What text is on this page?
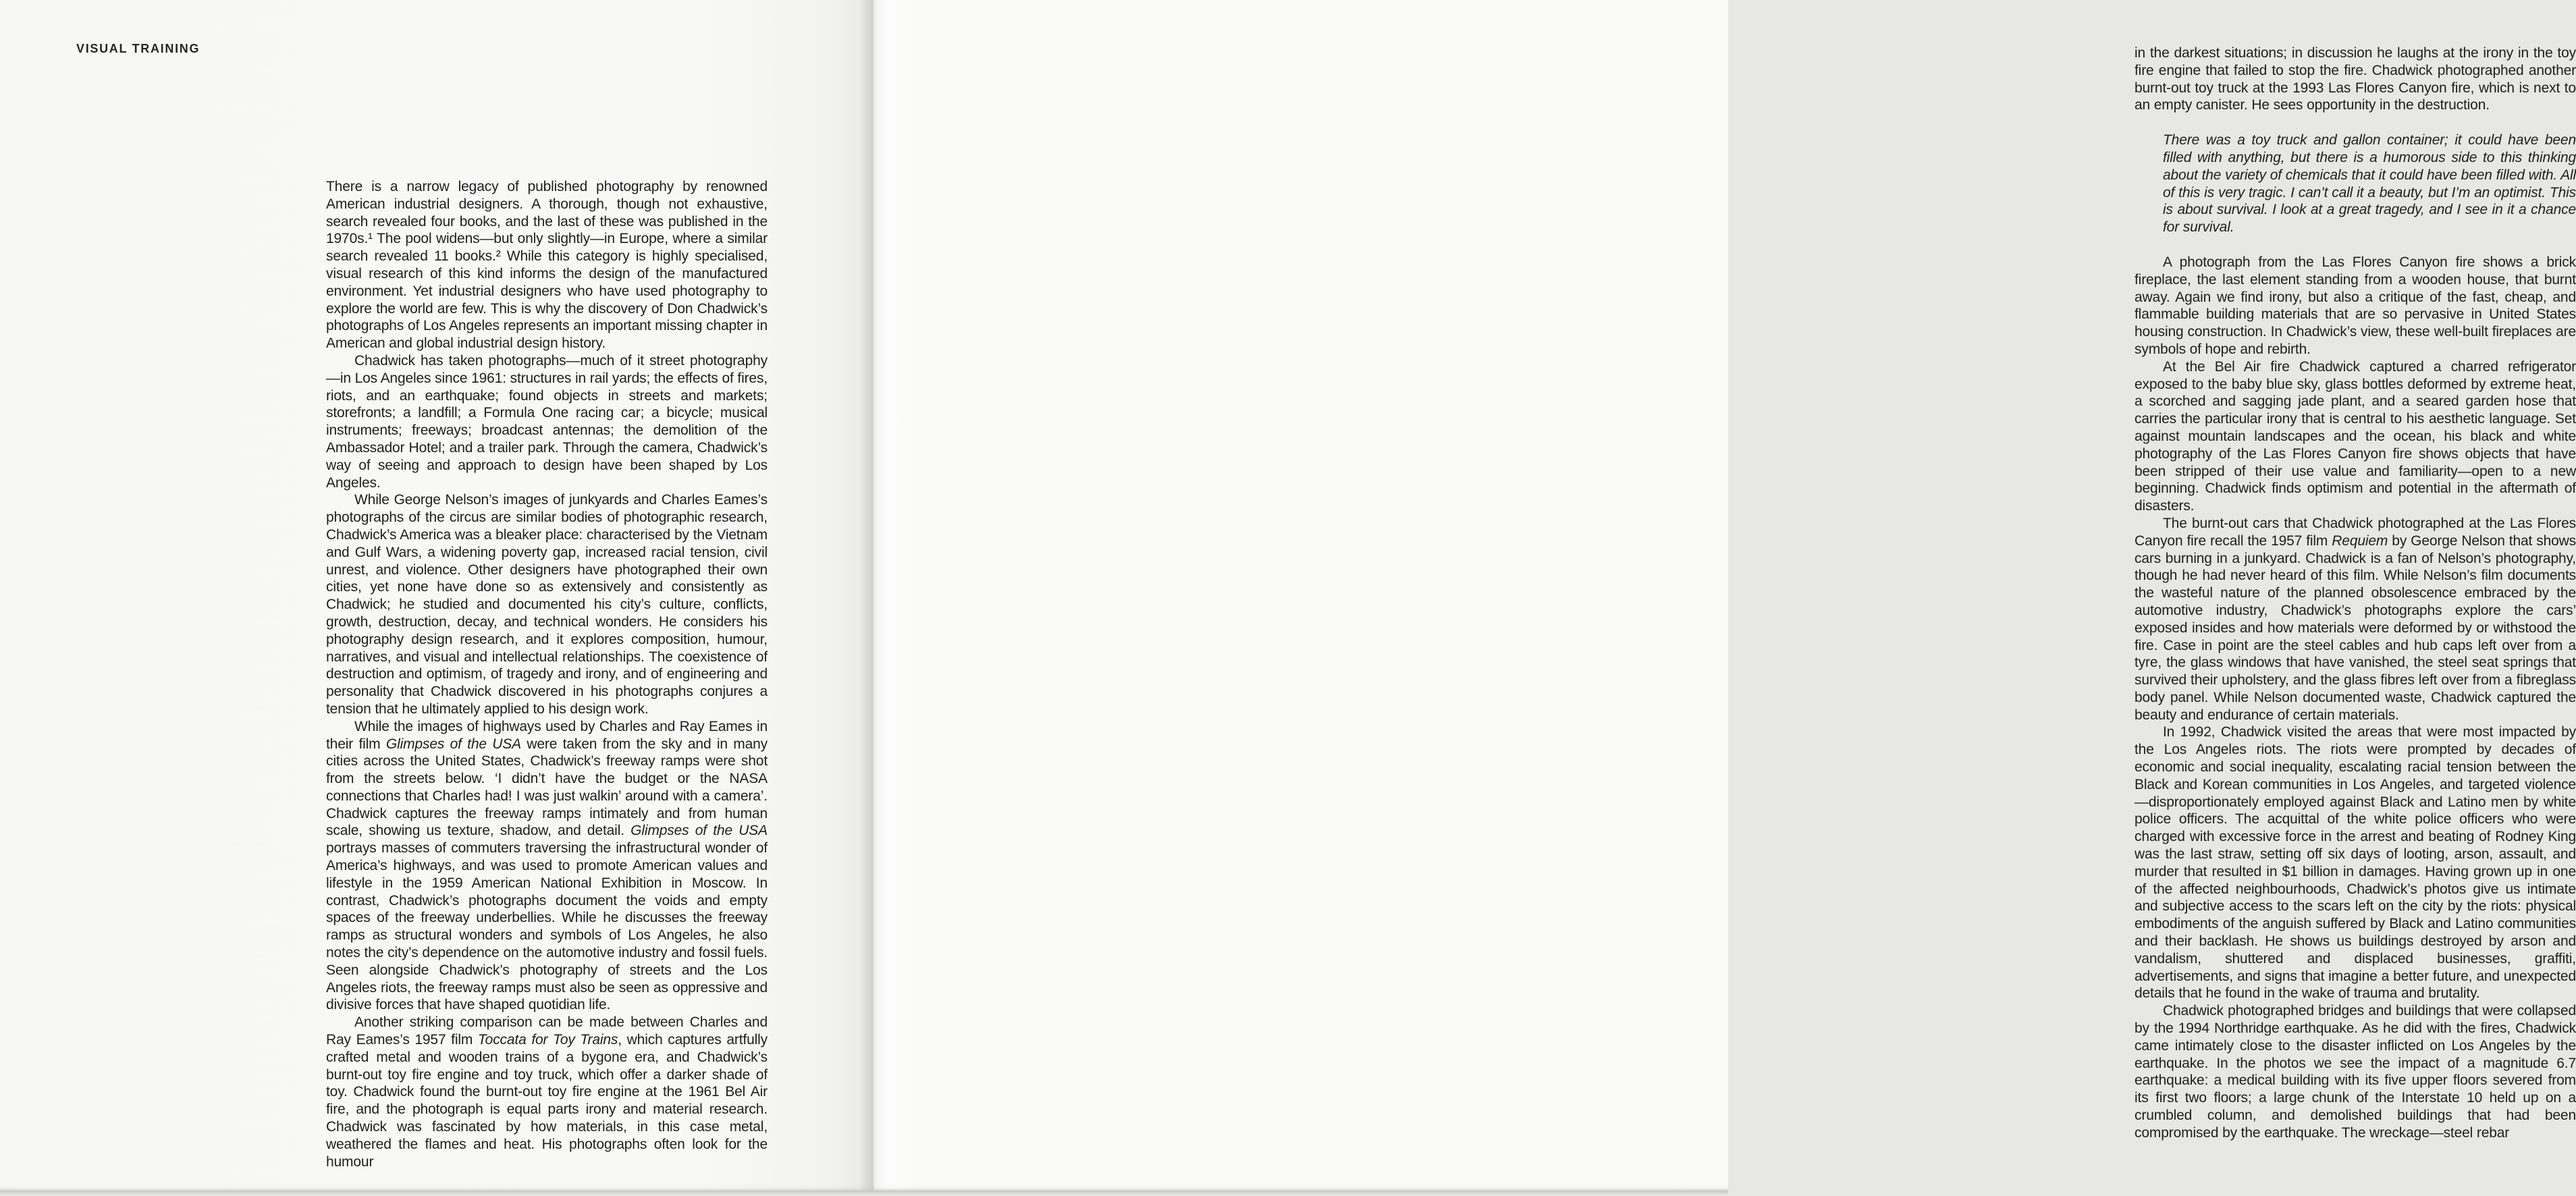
VISUAL TRAINING

There is a narrow legacy of published photography by renowned American industrial designers. A thorough, though not exhaustive, search revealed four books, and the last of these was published in the 1970s.¹ The pool widens—but only slightly—in Europe, where a similar search revealed 11 books.² While this category is highly specialised, visual research of this kind informs the design of the manufactured environment. Yet industrial designers who have used photography to explore the world are few. This is why the discovery of Don Chadwick’s photographs of Los Angeles represents an important missing chapter in American and global industrial design history.

Chadwick has taken photographs—much of it street photography—in Los Angeles since 1961: structures in rail yards; the effects of fires, riots, and an earthquake; found objects in streets and markets; storefronts; a landfill; a Formula One racing car; a bicycle; musical instruments; freeways; broadcast antennas; the demolition of the Ambassador Hotel; and a trailer park. Through the camera, Chadwick’s way of seeing and approach to design have been shaped by Los Angeles.

While George Nelson’s images of junkyards and Charles Eames’s photographs of the circus are similar bodies of photographic research, Chadwick’s America was a bleaker place: characterised by the Vietnam and Gulf Wars, a widening poverty gap, increased racial tension, civil unrest, and violence. Other designers have photographed their own cities, yet none have done so as extensively and consistently as Chadwick; he studied and documented his city’s culture, conflicts, growth, destruction, decay, and technical wonders. He considers his photography design research, and it explores composition, humour, narratives, and visual and intellectual relationships. The coexistence of destruction and optimism, of tragedy and irony, and of engineering and personality that Chadwick discovered in his photographs conjures a tension that he ultimately applied to his design work.

While the images of highways used by Charles and Ray Eames in their film Glimpses of the USA were taken from the sky and in many cities across the United States, Chadwick’s freeway ramps were shot from the streets below. ‘I didn’t have the budget or the NASA connections that Charles had! I was just walkin’ around with a camera’. Chadwick captures the freeway ramps intimately and from human scale, showing us texture, shadow, and detail. Glimpses of the USA portrays masses of commuters traversing the infrastructural wonder of America’s highways, and was used to promote American values and lifestyle in the 1959 American National Exhibition in Moscow. In contrast, Chadwick’s photographs document the voids and empty spaces of the freeway underbellies. While he discusses the freeway ramps as structural wonders and symbols of Los Angeles, he also notes the city’s dependence on the automotive industry and fossil fuels. Seen alongside Chadwick’s photography of streets and the Los Angeles riots, the freeway ramps must also be seen as oppressive and divisive forces that have shaped quotidian life.

Another striking comparison can be made between Charles and Ray Eames’s 1957 film Toccata for Toy Trains, which captures artfully crafted metal and wooden trains of a bygone era, and Chadwick’s burnt-out toy fire engine and toy truck, which offer a darker shade of toy. Chadwick found the burnt-out toy fire engine at the 1961 Bel Air fire, and the photograph is equal parts irony and material research. Chadwick was fascinated by how materials, in this case metal, weathered the flames and heat. His photographs often look for the humour

in the darkest situations; in discussion he laughs at the irony in the toy fire engine that failed to stop the fire. Chadwick photographed another burnt-out toy truck at the 1993 Las Flores Canyon fire, which is next to an empty canister. He sees opportunity in the destruction.

There was a toy truck and gallon container; it could have been filled with anything, but there is a humorous side to this thinking about the variety of chemicals that it could have been filled with. All of this is very tragic. I can’t call it a beauty, but I’m an optimist. This is about survival. I look at a great tragedy, and I see in it a chance for survival.

A photograph from the Las Flores Canyon fire shows a brick fireplace, the last element standing from a wooden house, that burnt away. Again we find irony, but also a critique of the fast, cheap, and flammable building materials that are so pervasive in United States housing construction. In Chadwick’s view, these well-built fireplaces are symbols of hope and rebirth.

At the Bel Air fire Chadwick captured a charred refrigerator exposed to the baby blue sky, glass bottles deformed by extreme heat, a scorched and sagging jade plant, and a seared garden hose that carries the particular irony that is central to his aesthetic language. Set against mountain landscapes and the ocean, his black and white photography of the Las Flores Canyon fire shows objects that have been stripped of their use value and familiarity—open to a new beginning. Chadwick finds optimism and potential in the aftermath of disasters.

The burnt-out cars that Chadwick photographed at the Las Flores Canyon fire recall the 1957 film Requiem by George Nelson that shows cars burning in a junkyard. Chadwick is a fan of Nelson’s photography, though he had never heard of this film. While Nelson’s film documents the wasteful nature of the planned obsolescence embraced by the automotive industry, Chadwick’s photographs explore the cars’ exposed insides and how materials were deformed by or withstood the fire. Case in point are the steel cables and hub caps left over from a tyre, the glass windows that have vanished, the steel seat springs that survived their upholstery, and the glass fibres left over from a fibreglass body panel. While Nelson documented waste, Chadwick captured the beauty and endurance of certain materials.

In 1992, Chadwick visited the areas that were most impacted by the Los Angeles riots. The riots were prompted by decades of economic and social inequality, escalating racial tension between the Black and Korean communities in Los Angeles, and targeted violence—disproportionately employed against Black and Latino men by white police officers. The acquittal of the white police officers who were charged with excessive force in the arrest and beating of Rodney King was the last straw, setting off six days of looting, arson, assault, and murder that resulted in $1 billion in damages. Having grown up in one of the affected neighbourhoods, Chadwick’s photos give us intimate and subjective access to the scars left on the city by the riots: physical embodiments of the anguish suffered by Black and Latino communities and their backlash. He shows us buildings destroyed by arson and vandalism, shuttered and displaced businesses, graffiti, advertisements, and signs that imagine a better future, and unexpected details that he found in the wake of trauma and brutality.

Chadwick photographed bridges and buildings that were collapsed by the 1994 Northridge earthquake. As he did with the fires, Chadwick came intimately close to the disaster inflicted on Los Angeles by the earthquake. In the photos we see the impact of a magnitude 6.7 earthquake: a medical building with its five upper floors severed from its first two floors; a large chunk of the Interstate 10 held up on a crumbled column, and demolished buildings that had been compromised by the earthquake. The wreckage—steel rebar
